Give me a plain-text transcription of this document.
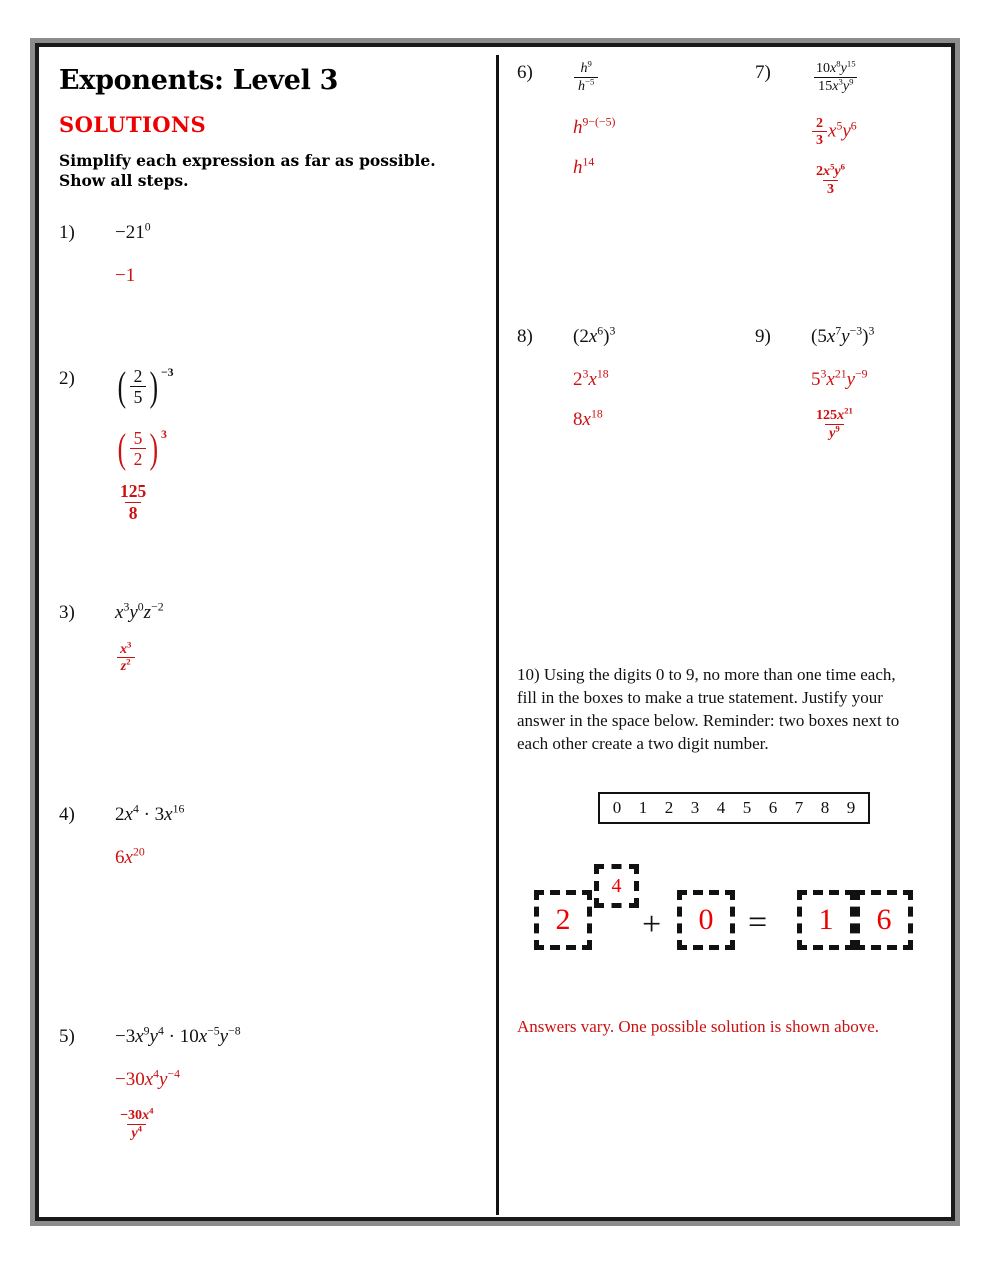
Exponents: Level 3
SOLUTIONS

Simplify each expression as far as possible. Show all steps.

1)	$-21^0$
−1
2)	( $\frac{2}{5}$ ) −3
( $\frac{5}{2}$ ) 3
$\frac{125}{8}$
3)	$x^3y^0z^{-2}$
$\frac{x^3}{z^2}$
4)	$2x^4 \cdot 3x^{16}$
$6x^{20}$
5)	$-3x^9y^4 \cdot 10x^{-5}y^{-8}$
$-30x^4y^{-4}$
$\frac{-30x^4}{y^4}$
6)	$\frac{h^9}{h^{-5}}$
$h^{9-(-5)}$
$h^{14}$
7)	$\frac{10x^8y^{15}}{15x^3y^9}$
$\frac{2}{3} x^5y^6$
$\frac{2x^5y^6}{3}$
8)	$(2x^6)^3$
$2^3x^{18}$
$8x^{18}$
9)	$(5x^7y^{-3})^3$
$5^3x^{21}y^{-9}$
$\frac{125x^{21}}{y^9}$

10) Using the digits 0 to 9, no more than one time each, fill in the boxes to make a true statement. Justify your answer in the space below. Reminder: two boxes next to each other create a two digit number.

0 1 2 3 4 5 6 7 8 9
2
4
+	0	=	1	6

Answers vary. One possible solution is shown above.
